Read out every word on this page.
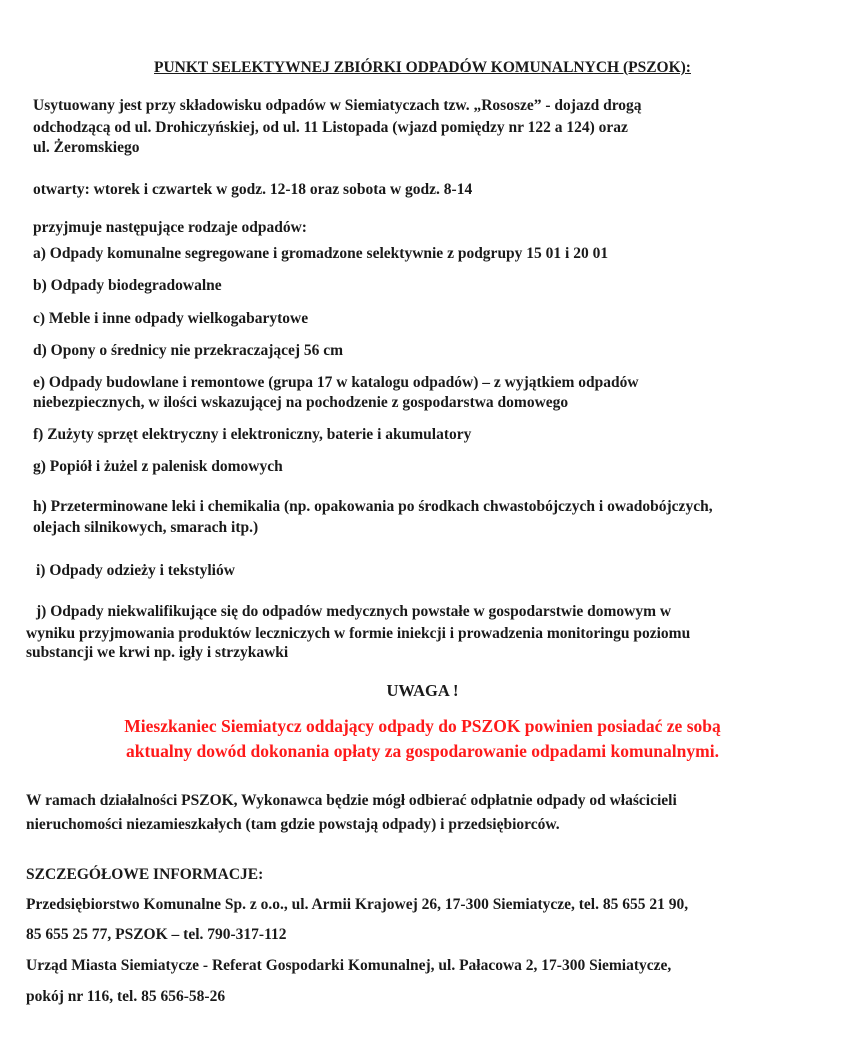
PUNKT SELEKTYWNEJ ZBIÓRKI ODPADÓW KOMUNALNYCH (PSZOK):
Usytuowany jest przy składowisku odpadów w Siemiatyczach tzw. „Rososze” - dojazd drogą
odchodzącą od ul. Drohiczyńskiej, od ul. 11 Listopada (wjazd pomiędzy nr 122 a 124) oraz
ul. Żeromskiego
otwarty: wtorek i czwartek w godz. 12-18 oraz sobota w godz. 8-14
przyjmuje następujące rodzaje odpadów:
a) Odpady komunalne segregowane i gromadzone selektywnie z podgrupy 15 01 i 20 01
b) Odpady biodegradowalne
c) Meble i inne odpady wielkogabarytowe
d) Opony o średnicy nie przekraczającej 56 cm
e) Odpady budowlane i remontowe (grupa 17 w katalogu odpadów) – z wyjątkiem odpadów
niebezpiecznych, w ilości wskazującej na pochodzenie z gospodarstwa domowego
f) Zużyty sprzęt elektryczny i elektroniczny, baterie i akumulatory
g) Popiół i żużel z palenisk domowych
h) Przeterminowane leki i chemikalia (np. opakowania po środkach chwastobójczych i owadobójczych,
olejach silnikowych, smarach itp.)
i) Odpady odzieży i tekstyliów
j) Odpady niekwalifikujące się do odpadów medycznych powstałe w gospodarstwie domowym w
wyniku przyjmowania produktów leczniczych w formie iniekcji i prowadzenia monitoringu poziomu
substancji we krwi np. igły i strzykawki
UWAGA !
Mieszkaniec Siemiatycz oddający odpady do PSZOK powinien posiadać ze sobą
aktualny dowód dokonania opłaty za gospodarowanie odpadami komunalnymi.
W ramach działalności PSZOK, Wykonawca będzie mógł odbierać odpłatnie odpady od właścicieli
nieruchomości niezamieszkałych (tam gdzie powstają odpady) i przedsiębiorców.
SZCZEGÓŁOWE INFORMACJE:
Przedsiębiorstwo Komunalne Sp. z o.o., ul. Armii Krajowej 26, 17-300 Siemiatycze, tel. 85 655 21 90,
85 655 25 77, PSZOK – tel. 790-317-112
Urząd Miasta Siemiatycze - Referat Gospodarki Komunalnej, ul. Pałacowa 2, 17-300 Siemiatycze,
pokój nr 116, tel. 85 656-58-26
